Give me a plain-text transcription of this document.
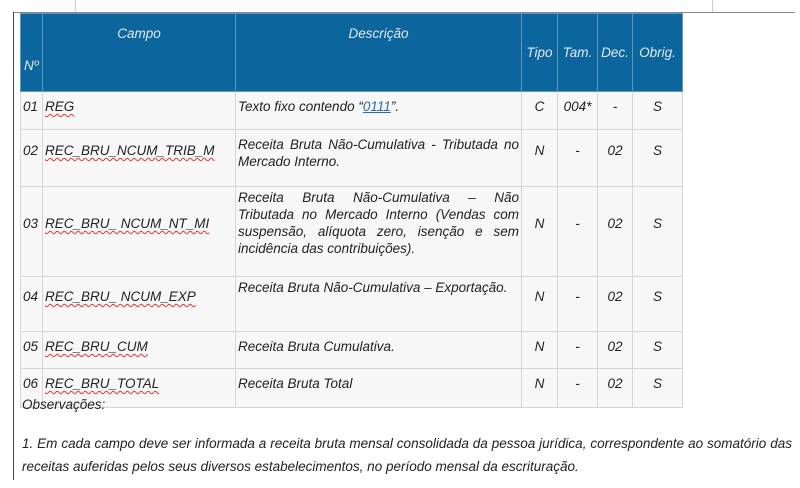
Nº	Campo	Descrição	Tipo	Tam.	Dec.	Obrig.
01	REG	Texto fixo contendo “0111”.	C	004*	-	S
02	REC_BRU_NCUM_TRIB_M	Receita Bruta Não-Cumulativa - Tributada no Mercado Interno.	N	-	02	S
03	REC_BRU_ NCUM_NT_MI	Receita Bruta Não-Cumulativa – Não Tributada no Mercado Interno (Vendas com suspensão, alíquota zero, isenção e sem incidência das contribuições).	N	-	02	S
04	REC_BRU_ NCUM_EXP	Receita Bruta Não-Cumulativa – Exportação.	N	-	02	S
05	REC_BRU_CUM	Receita Bruta Cumulativa.	N	-	02	S
06	REC_BRU_TOTAL	Receita Bruta Total	N	-	02	S
Observações:
1. Em cada campo deve ser informada a receita bruta mensal consolidada da pessoa jurídica, correspondente ao somatório das receitas auferidas pelos seus diversos estabelecimentos, no período mensal da escrituração.
